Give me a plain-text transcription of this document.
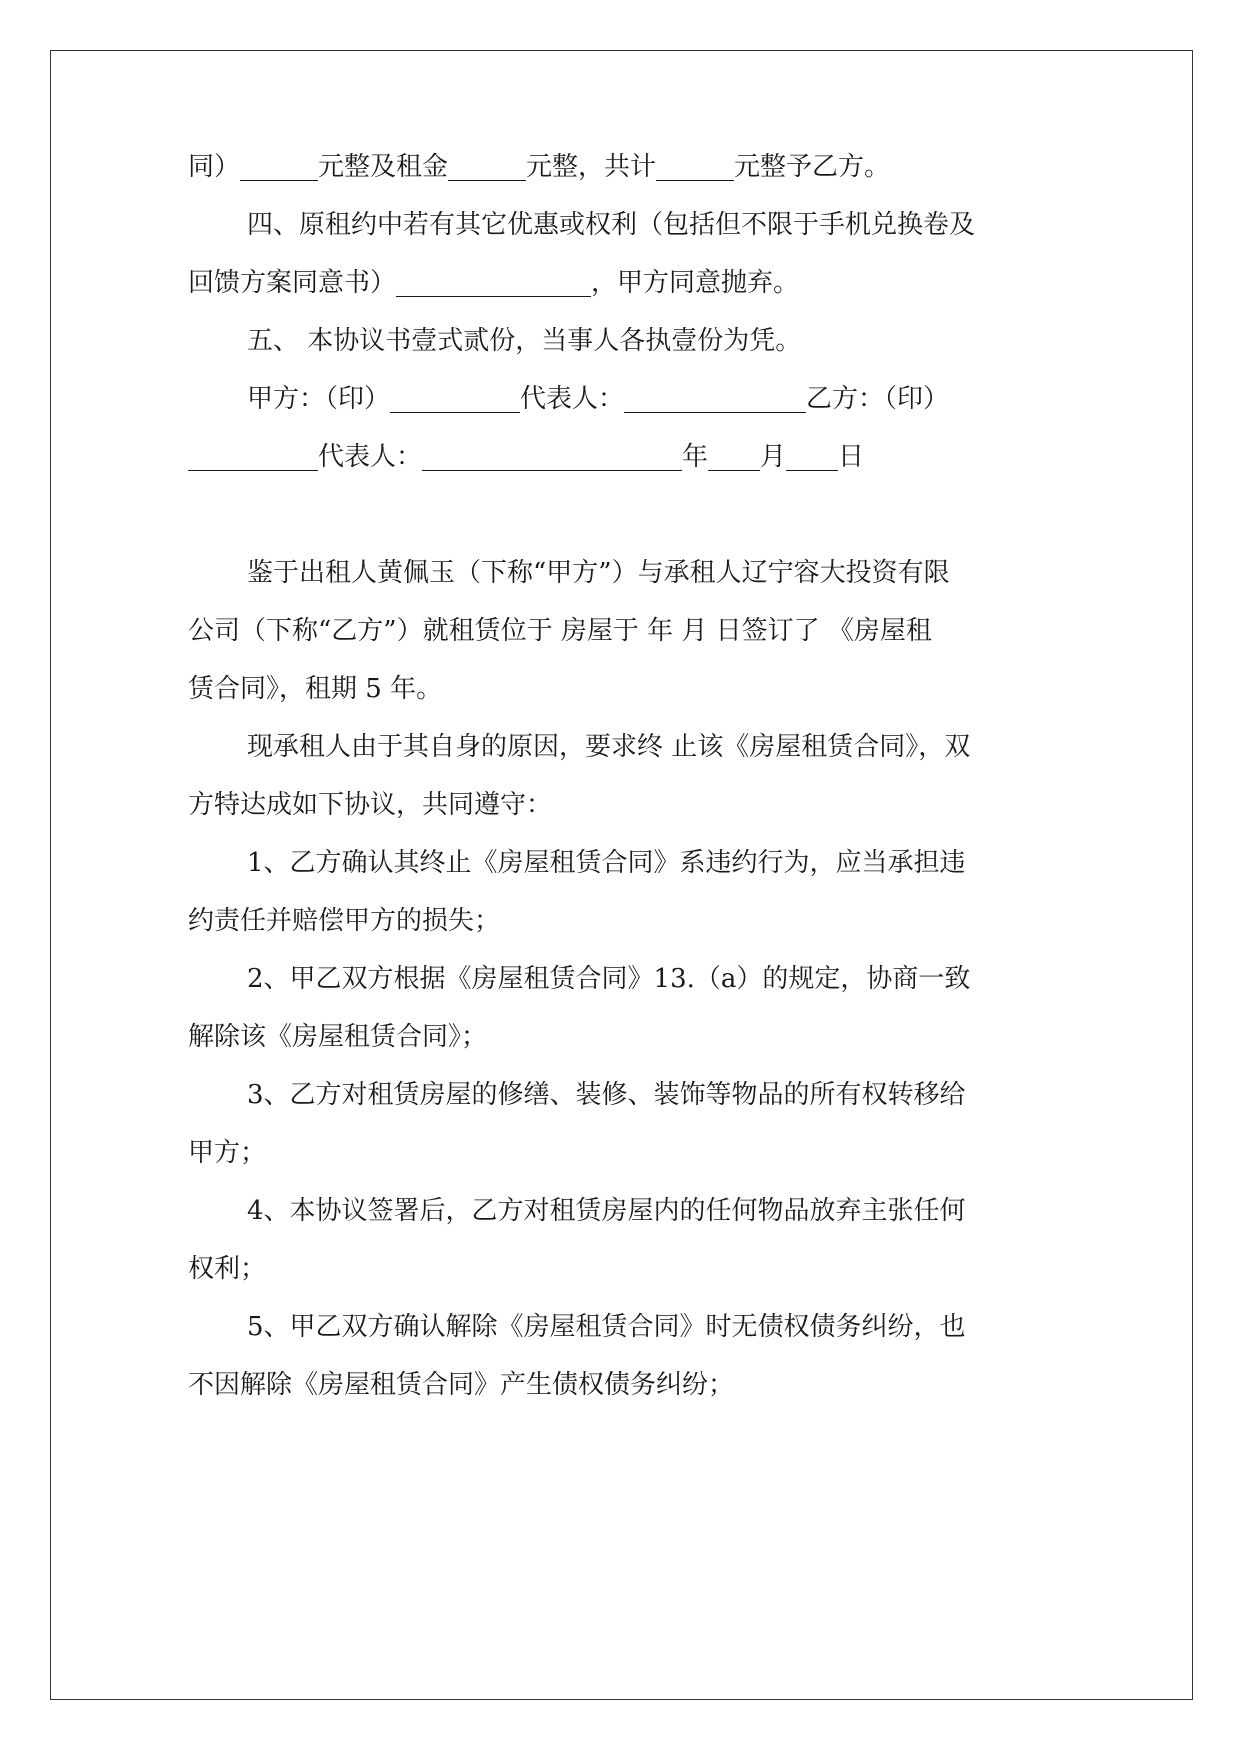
同）______元整及租金______元整，共计______元整予乙方。
四、原租约中若有其它优惠或权利（包括但不限于手机兑换卷及
回馈方案同意书）_______________，甲方同意抛弃。
五、 本协议书壹式贰份，当事人各执壹份为凭。
甲方：（印）__________代表人：______________乙方：（印）
__________代表人：____________________年____月____日
鉴于出租人黄佩玉（下称“甲方”）与承租人辽宁容大投资有限
公司（下称“乙方”）就租赁位于 房屋于 年 月 日签订了 《房屋租
赁合同》，租期 5 年。
现承租人由于其自身的原因，要求终 止该《房屋租赁合同》，双
方特达成如下协议，共同遵守：
1、乙方确认其终止《房屋租赁合同》系违约行为，应当承担违
约责任并赔偿甲方的损失；
2、甲乙双方根据《房屋租赁合同》13.（a）的规定，协商一致
解除该《房屋租赁合同》；
3、乙方对租赁房屋的修缮、装修、装饰等物品的所有权转移给
甲方；
4、本协议签署后，乙方对租赁房屋内的任何物品放弃主张任何
权利；
5、甲乙双方确认解除《房屋租赁合同》时无债权债务纠纷，也
不因解除《房屋租赁合同》产生债权债务纠纷；
